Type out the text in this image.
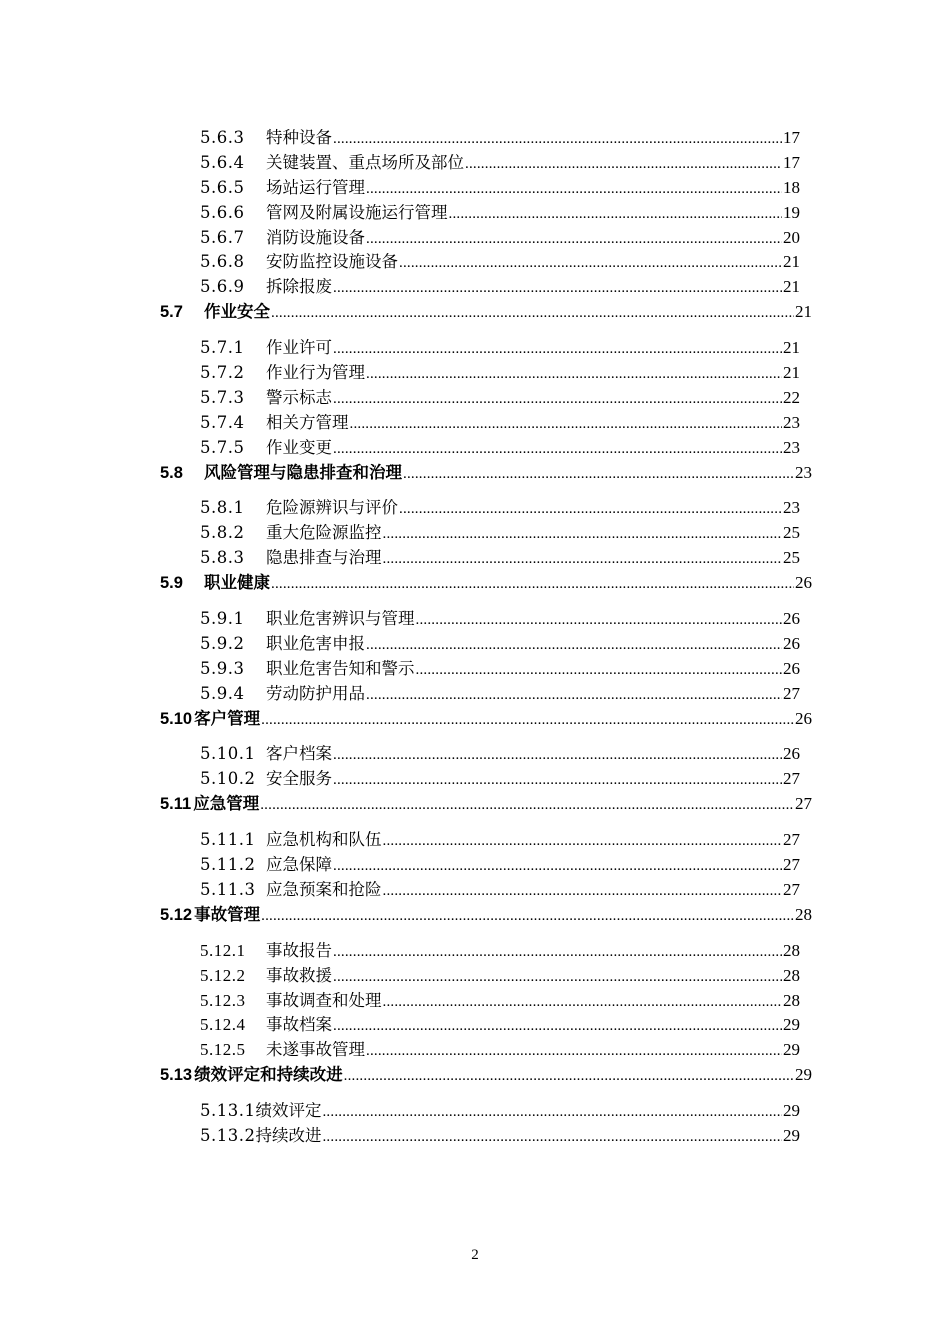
5.6.3	特种设备 .....	17
5.6.4	关键装置、重点场所及部位 .....	17
5.6.5	场站运行管理 .....	18
5.6.6	管网及附属设施运行管理 .....	19
5.6.7	消防设施设备 .....	20
5.6.8	安防监控设施设备 .....	21
5.6.9	拆除报废 .....	21
5.7	作业安全 .....	21
5.7.1	作业许可 .....	21
5.7.2	作业行为管理 .....	21
5.7.3	警示标志 .....	22
5.7.4	相关方管理 .....	23
5.7.5	作业变更 .....	23
5.8	风险管理与隐患排查和治理 .....	23
5.8.1	危险源辨识与评价 .....	23
5.8.2	重大危险源监控 .....	25
5.8.3	隐患排查与治理 .....	25
5.9	职业健康 .....	26
5.9.1	职业危害辨识与管理 .....	26
5.9.2	职业危害申报 .....	26
5.9.3	职业危害告知和警示 .....	26
5.9.4	劳动防护用品 .....	27
5.10 客户管理 .....	26
5.10.1 客户档案 .....	26
5.10.2 安全服务 .....	27
5.11 应急管理 .....	27
5.11.1 应急机构和队伍 .....	27
5.11.2 应急保障 .....	27
5.11.3 应急预案和抢险 .....	27
5.12 事故管理 .....	28
5.12.1	事故报告 .....	28
5.12.2	事故救援 .....	28
5.12.3	事故调查和处理 .....	28
5.12.4	事故档案 .....	29
5.12.5	未遂事故管理 .....	29
5.13 绩效评定和持续改进 .....	29
5.13.1 绩效评定 .....	29
5.13.2 持续改进 .....	29
2
